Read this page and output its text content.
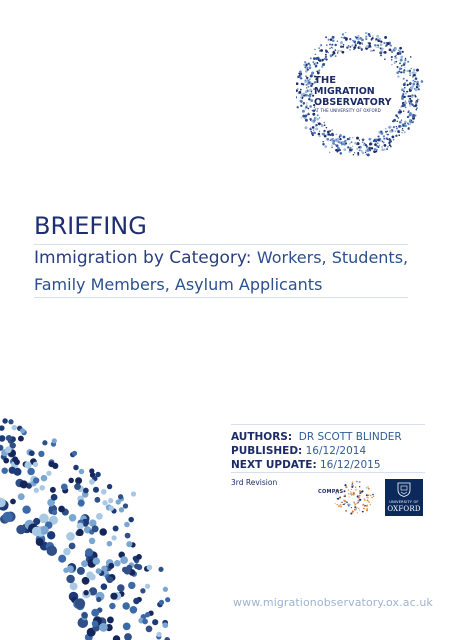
THE
MIGRATION
OBSERVATORY
AT THE UNIVERSITY OF OXFORD
BRIEFING
Immigration by Category: Workers, Students,
Family Members, Asylum Applicants
AUTHORS: DR SCOTT BLINDER
PUBLISHED: 16/12/2014
NEXT UPDATE: 16/12/2015
3rd Revision
COMPAS
UNIVERSITY OF
OXFORD
www.migrationobservatory.ox.ac.uk
